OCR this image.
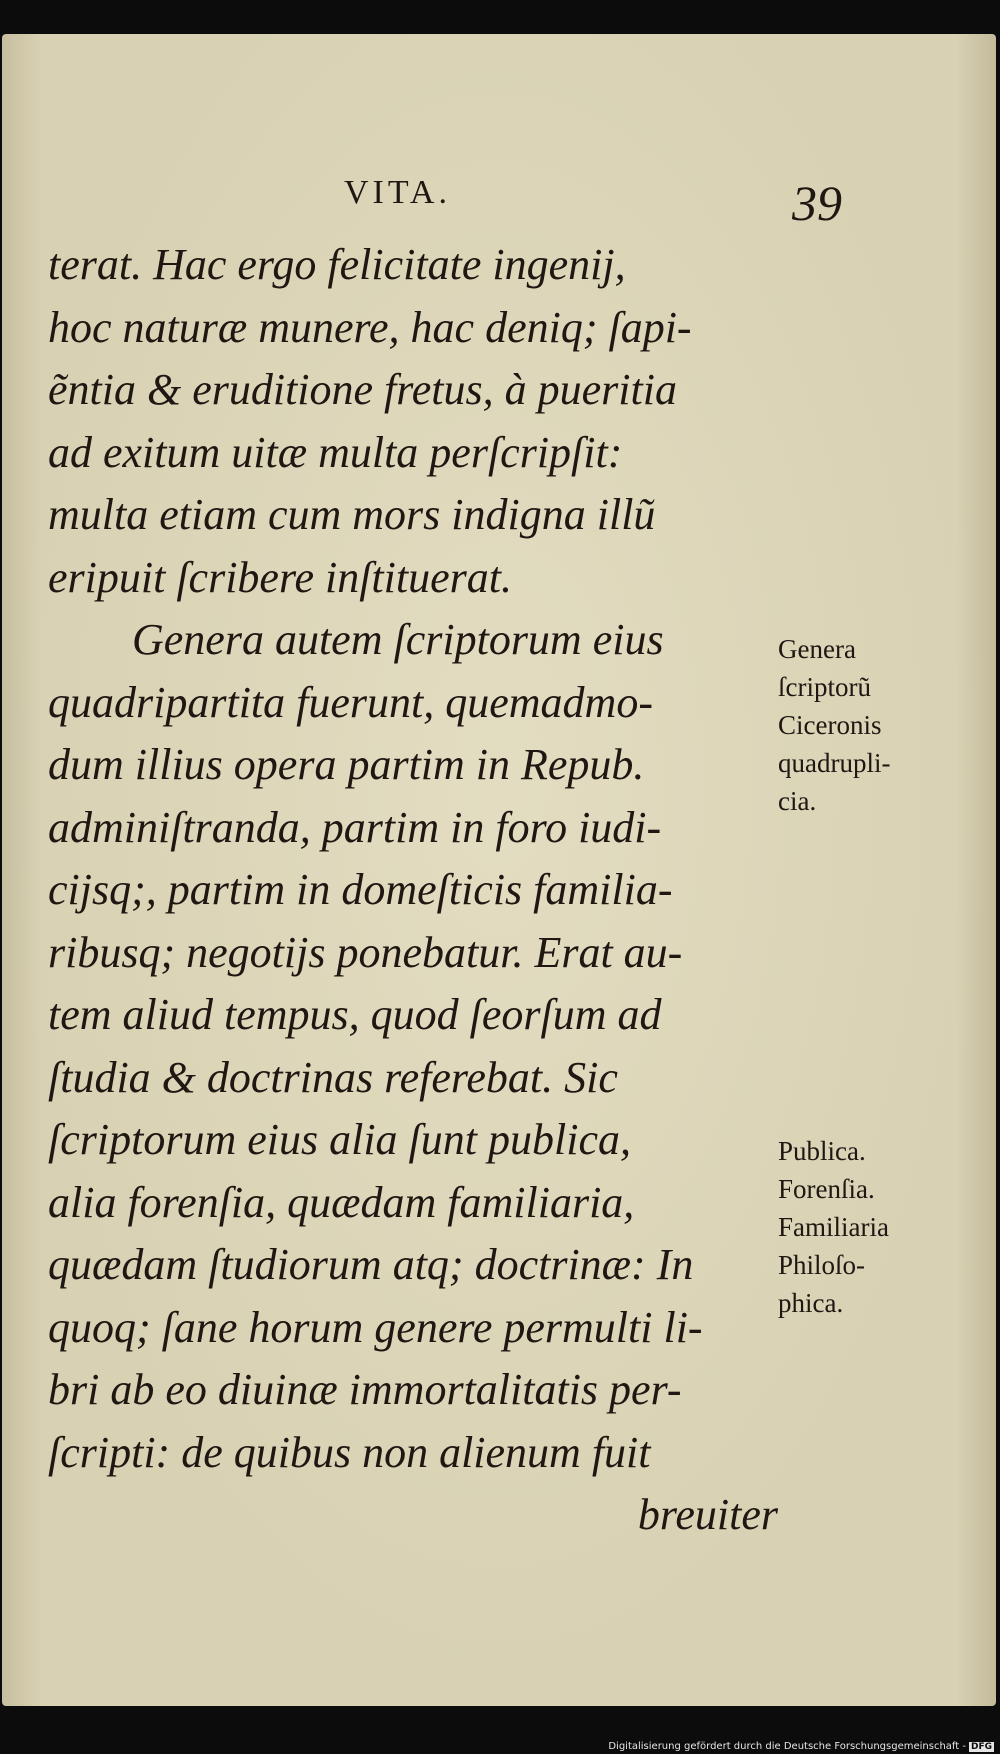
VITA.	39
terat. Hac ergo felicitate ingenij,
hoc naturæ munere, hac deniq; ſapi-
ẽntia & eruditione fretus, à pueritia
ad exitum uitæ multa perſcripſit:
multa etiam cum mors indigna illũ
eripuit ſcribere inſtituerat.
Genera autem ſcriptorum eius
quadripartita fuerunt, quemadmo-
dum illius opera partim in Repub.
adminiſtranda, partim in foro iudi-
cijsq;, partim in domeſticis familia-
ribusq; negotijs ponebatur. Erat au-
tem aliud tempus, quod ſeorſum ad
ſtudia & doctrinas referebat. Sic
ſcriptorum eius alia ſunt publica,
alia forenſia, quædam familiaria,
quædam ſtudiorum atq; doctrinæ: In
quoq; ſane horum genere permulti li-
bri ab eo diuinæ immortalitatis per-
ſcripti: de quibus non alienum fuit
breuiter
Genera
ſcriptorũ
Ciceronis
quadrupli-
cia.
Publica.
Forenſia.
Familiaria
Philoſo-
phica.
Digitalisierung gefördert durch die Deutsche Forschungsgemeinschaft - DFG
